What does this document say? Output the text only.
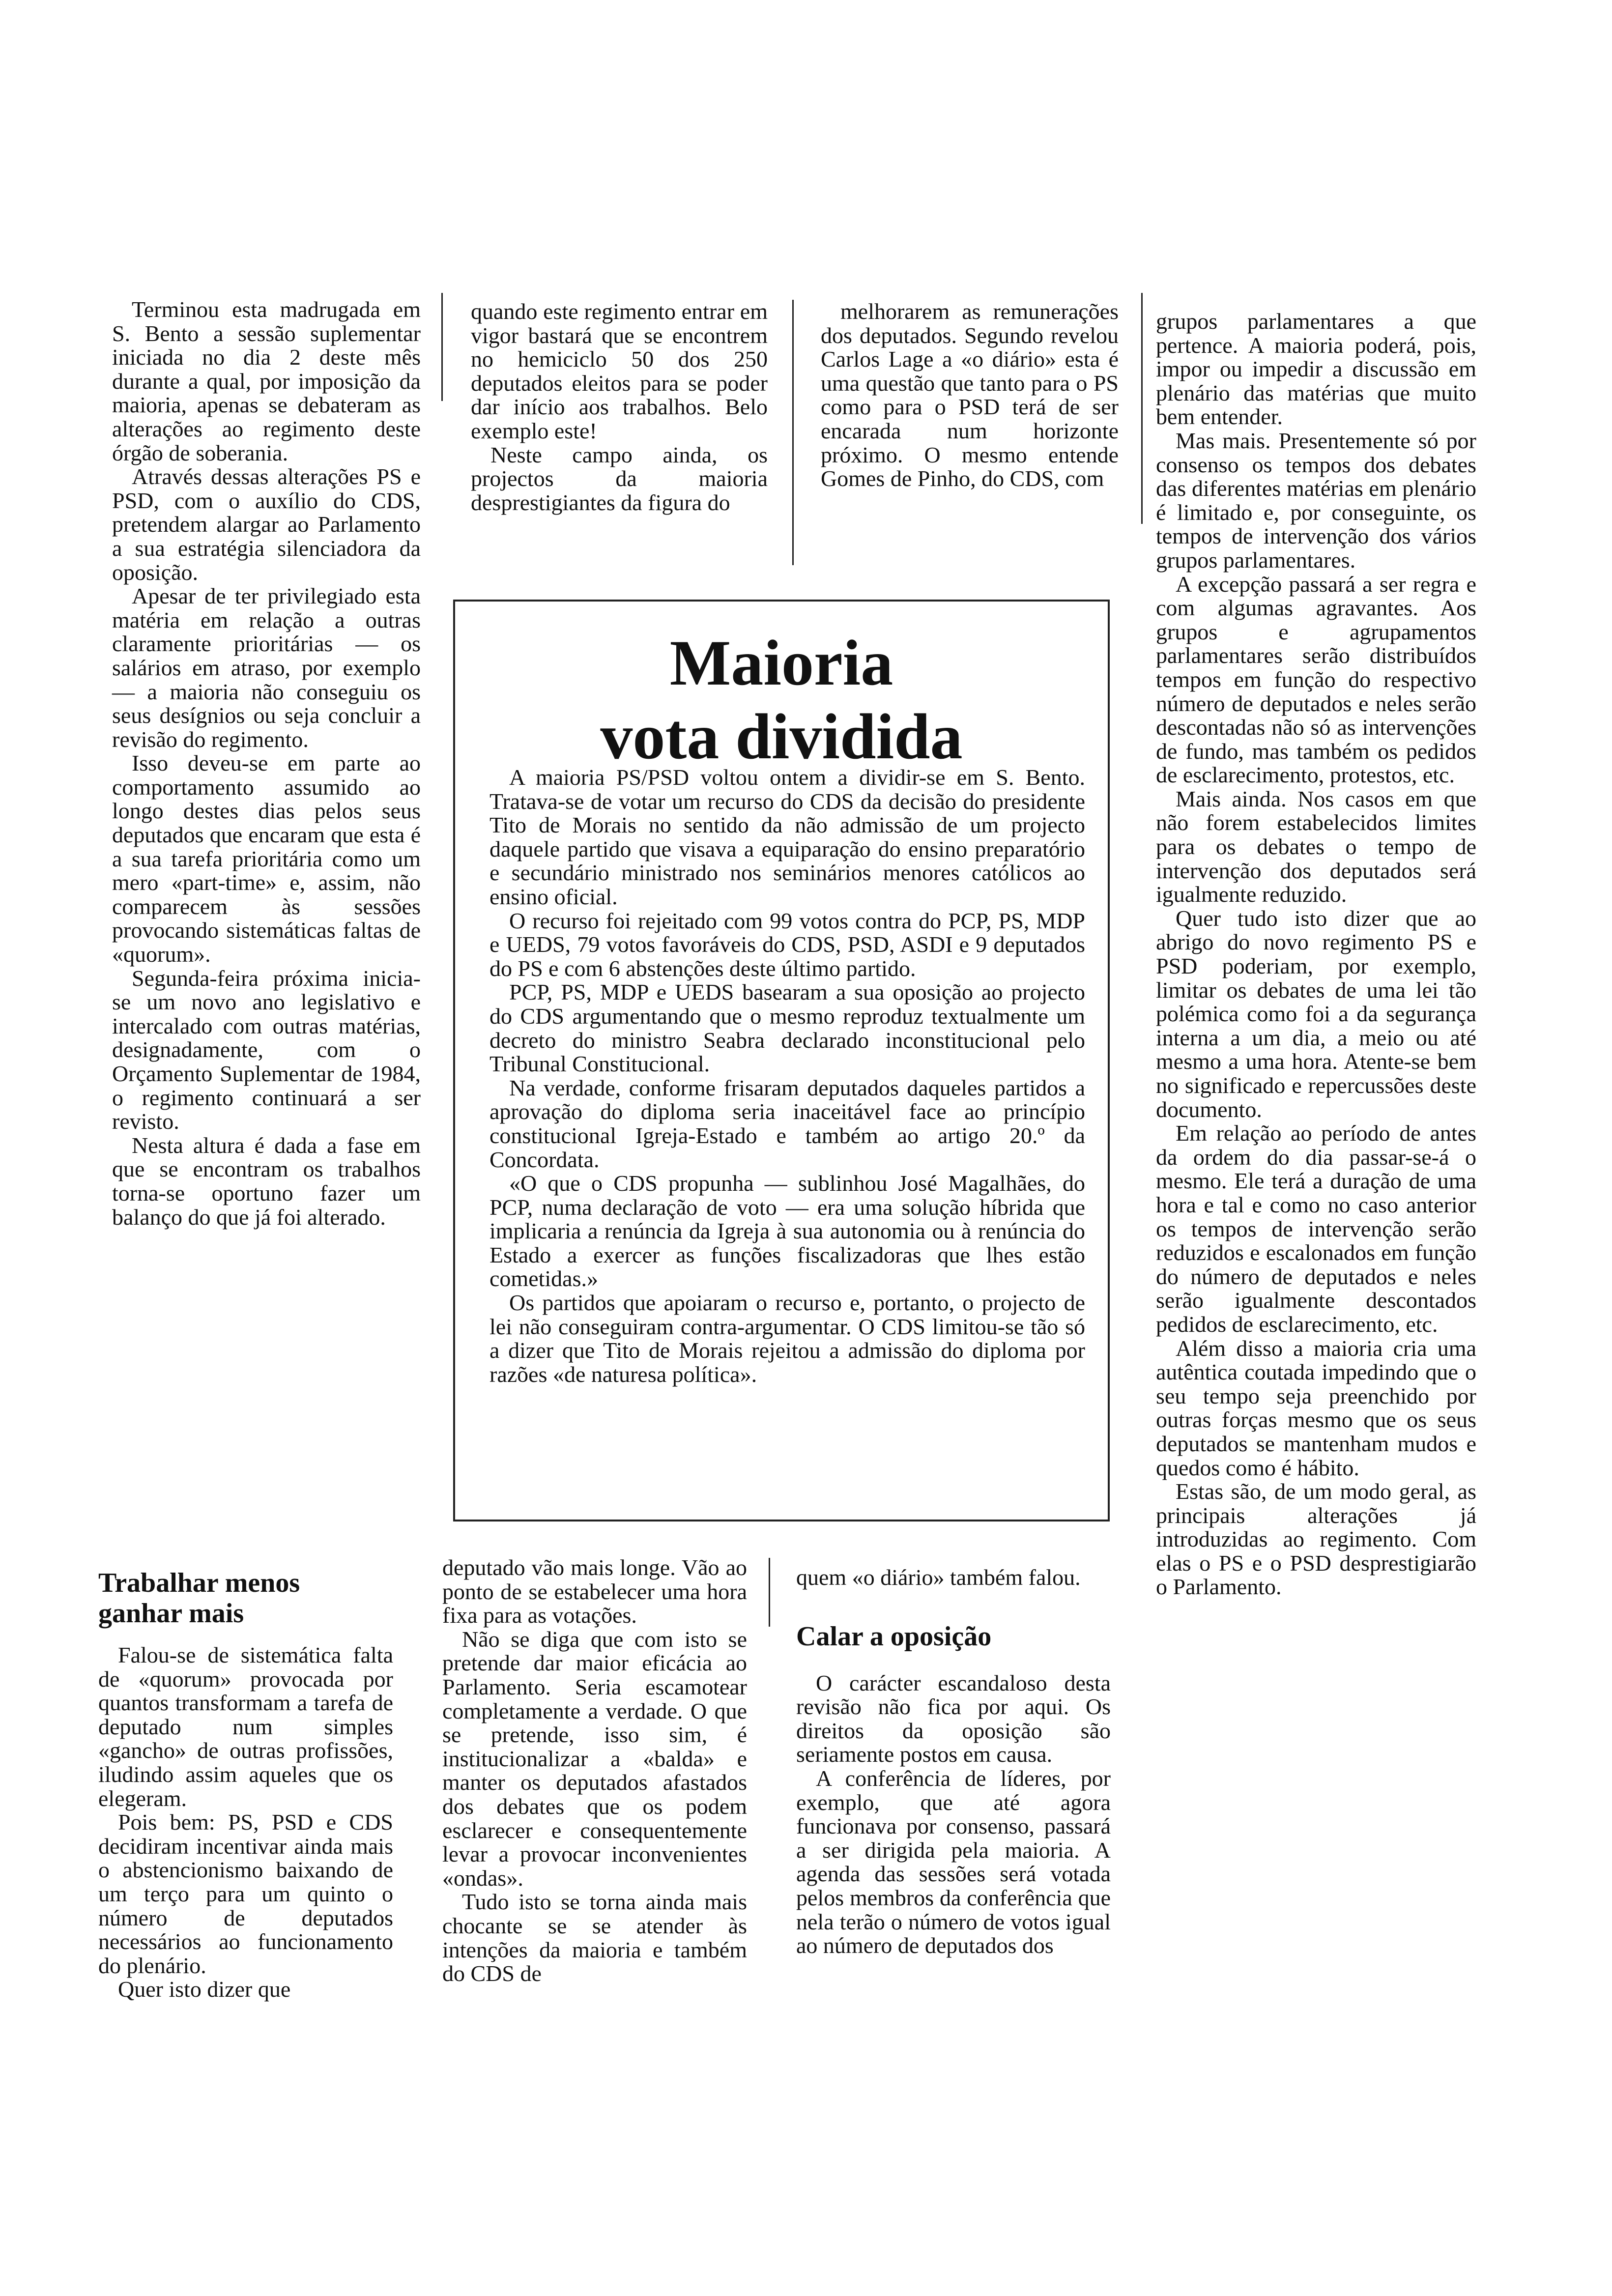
Terminou esta madrugada em S. Bento a sessão suplementar iniciada no dia 2 deste mês durante a qual, por imposição da maioria, apenas se debateram as alterações ao regimento deste órgão de soberania.

Através dessas alterações PS e PSD, com o auxílio do CDS, pretendem alargar ao Parlamento a sua estratégia silenciadora da oposição.

Apesar de ter privilegiado esta matéria em relação a outras claramente prioritárias — os salários em atraso, por exemplo — a maioria não conseguiu os seus desígnios ou seja concluir a revisão do regimento.

Isso deveu-se em parte ao comportamento assumido ao longo destes dias pelos seus deputados que encaram que esta é a sua tarefa prioritária como um mero «part-time» e, assim, não comparecem às sessões provocando sistemáticas faltas de «quorum».

Segunda-feira próxima inicia-se um novo ano legislativo e intercalado com outras matérias, designadamente, com o Orçamento Suplementar de 1984, o regimento continuará a ser revisto.

Nesta altura é dada a fase em que se encontram os trabalhos torna-se oportuno fazer um balanço do que já foi alterado.

quando este regimento entrar em vigor bastará que se encontrem no hemiciclo 50 dos 250 deputados eleitos para se poder dar início aos trabalhos. Belo exemplo este!

Neste campo ainda, os projectos da maioria desprestigiantes da figura do

melhorarem as remunerações dos deputados. Segundo revelou Carlos Lage a «o diário» esta é uma questão que tanto para o PS como para o PSD terá de ser encarada num horizonte próximo. O mesmo entende Gomes de Pinho, do CDS, com

grupos parlamentares a que pertence. A maioria poderá, pois, impor ou impedir a discussão em plenário das matérias que muito bem entender.

Mas mais. Presentemente só por consenso os tempos dos debates das diferentes matérias em plenário é limitado e, por conseguinte, os tempos de intervenção dos vários grupos parlamentares.

A excepção passará a ser regra e com algumas agravantes. Aos grupos e agrupamentos parlamentares serão distribuídos tempos em função do respectivo número de deputados e neles serão descontadas não só as intervenções de fundo, mas também os pedidos de esclarecimento, protestos, etc.

Mais ainda. Nos casos em que não forem estabelecidos limites para os debates o tempo de intervenção dos deputados será igualmente reduzido.

Quer tudo isto dizer que ao abrigo do novo regimento PS e PSD poderiam, por exemplo, limitar os debates de uma lei tão polémica como foi a da segurança interna a um dia, a meio ou até mesmo a uma hora. Atente-se bem no significado e repercussões deste documento.

Em relação ao período de antes da ordem do dia passar-se-á o mesmo. Ele terá a duração de uma hora e tal e como no caso anterior os tempos de intervenção serão reduzidos e escalonados em função do número de deputados e neles serão igualmente descontados pedidos de esclarecimento, etc.

Além disso a maioria cria uma autêntica coutada impedindo que o seu tempo seja preenchido por outras forças mesmo que os seus deputados se mantenham mudos e quedos como é hábito.

Estas são, de um modo geral, as principais alterações já introduzidas ao regimento. Com elas o PS e o PSD desprestigiarão o Parlamento.

Maioria
vota dividida

A maioria PS/PSD voltou ontem a dividir-se em S. Bento. Tratava-se de votar um recurso do CDS da decisão do presidente Tito de Morais no sentido da não admissão de um projecto daquele partido que visava a equiparação do ensino preparatório e secundário ministrado nos seminários menores católicos ao ensino oficial.

O recurso foi rejeitado com 99 votos contra do PCP, PS, MDP e UEDS, 79 votos favoráveis do CDS, PSD, ASDI e 9 deputados do PS e com 6 abstenções deste último partido.

PCP, PS, MDP e UEDS basearam a sua oposição ao projecto do CDS argumentando que o mesmo reproduz textualmente um decreto do ministro Seabra declarado inconstitucional pelo Tribunal Constitucional.

Na verdade, conforme frisaram deputados daqueles partidos a aprovação do diploma seria inaceitável face ao princípio constitucional Igreja-Estado e também ao artigo 20.º da Concordata.

«O que o CDS propunha — sublinhou José Magalhães, do PCP, numa declaração de voto — era uma solução híbrida que implicaria a renúncia da Igreja à sua autonomia ou à renúncia do Estado a exercer as funções fiscalizadoras que lhes estão cometidas.»

Os partidos que apoiaram o recurso e, portanto, o projecto de lei não conseguiram contra-argumentar. O CDS limitou-se tão só a dizer que Tito de Morais rejeitou a admissão do diploma por razões «de naturesa política».

Trabalhar menos
ganhar mais

Falou-se de sistemática falta de «quorum» provocada por quantos transformam a tarefa de deputado num simples «gancho» de outras profissões, iludindo assim aqueles que os elegeram.

Pois bem: PS, PSD e CDS decidiram incentivar ainda mais o abstencionismo baixando de um terço para um quinto o número de deputados necessários ao funcionamento do plenário.

Quer isto dizer que

deputado vão mais longe. Vão ao ponto de se estabelecer uma hora fixa para as votações.

Não se diga que com isto se pretende dar maior eficácia ao Parlamento. Seria escamotear completamente a verdade. O que se pretende, isso sim, é institucionalizar a «balda» e manter os deputados afastados dos debates que os podem esclarecer e consequentemente levar a provocar inconvenientes «ondas».

Tudo isto se torna ainda mais chocante se se atender às intenções da maioria e também do CDS de

quem «o diário» também falou.

Calar a oposição

O carácter escandaloso desta revisão não fica por aqui. Os direitos da oposição são seriamente postos em causa.

A conferência de líderes, por exemplo, que até agora funcionava por consenso, passará a ser dirigida pela maioria. A agenda das sessões será votada pelos membros da conferência que nela terão o número de votos igual ao número de deputados dos
